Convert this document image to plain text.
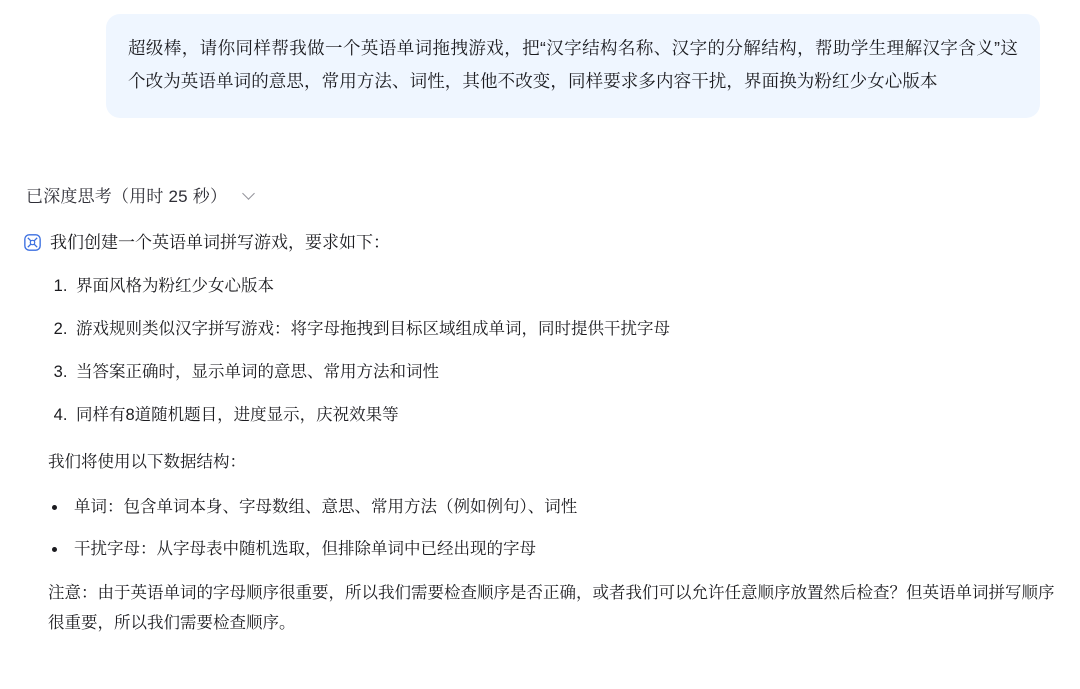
超级棒，请你同样帮我做一个英语单词拖拽游戏，把“汉字结构名称、汉字的分解结构，帮助学生理解汉字含义”这个改为英语单词的意思，常用方法、词性，其他不改变，同样要求多内容干扰，界面换为粉红少女心版本
已深度思考（用时 25 秒）
我们创建一个英语单词拼写游戏，要求如下：
1. 界面风格为粉红少女心版本
2. 游戏规则类似汉字拼写游戏：将字母拖拽到目标区域组成单词，同时提供干扰字母
3. 当答案正确时，显示单词的意思、常用方法和词性
4. 同样有8道随机题目，进度显示，庆祝效果等
我们将使用以下数据结构：
• 单词：包含单词本身、字母数组、意思、常用方法（例如例句）、词性
• 干扰字母：从字母表中随机选取，但排除单词中已经出现的字母
注意：由于英语单词的字母顺序很重要，所以我们需要检查顺序是否正确，或者我们可以允许任意顺序放置然后检查？但英语单词拼写顺序很重要，所以我们需要检查顺序。
